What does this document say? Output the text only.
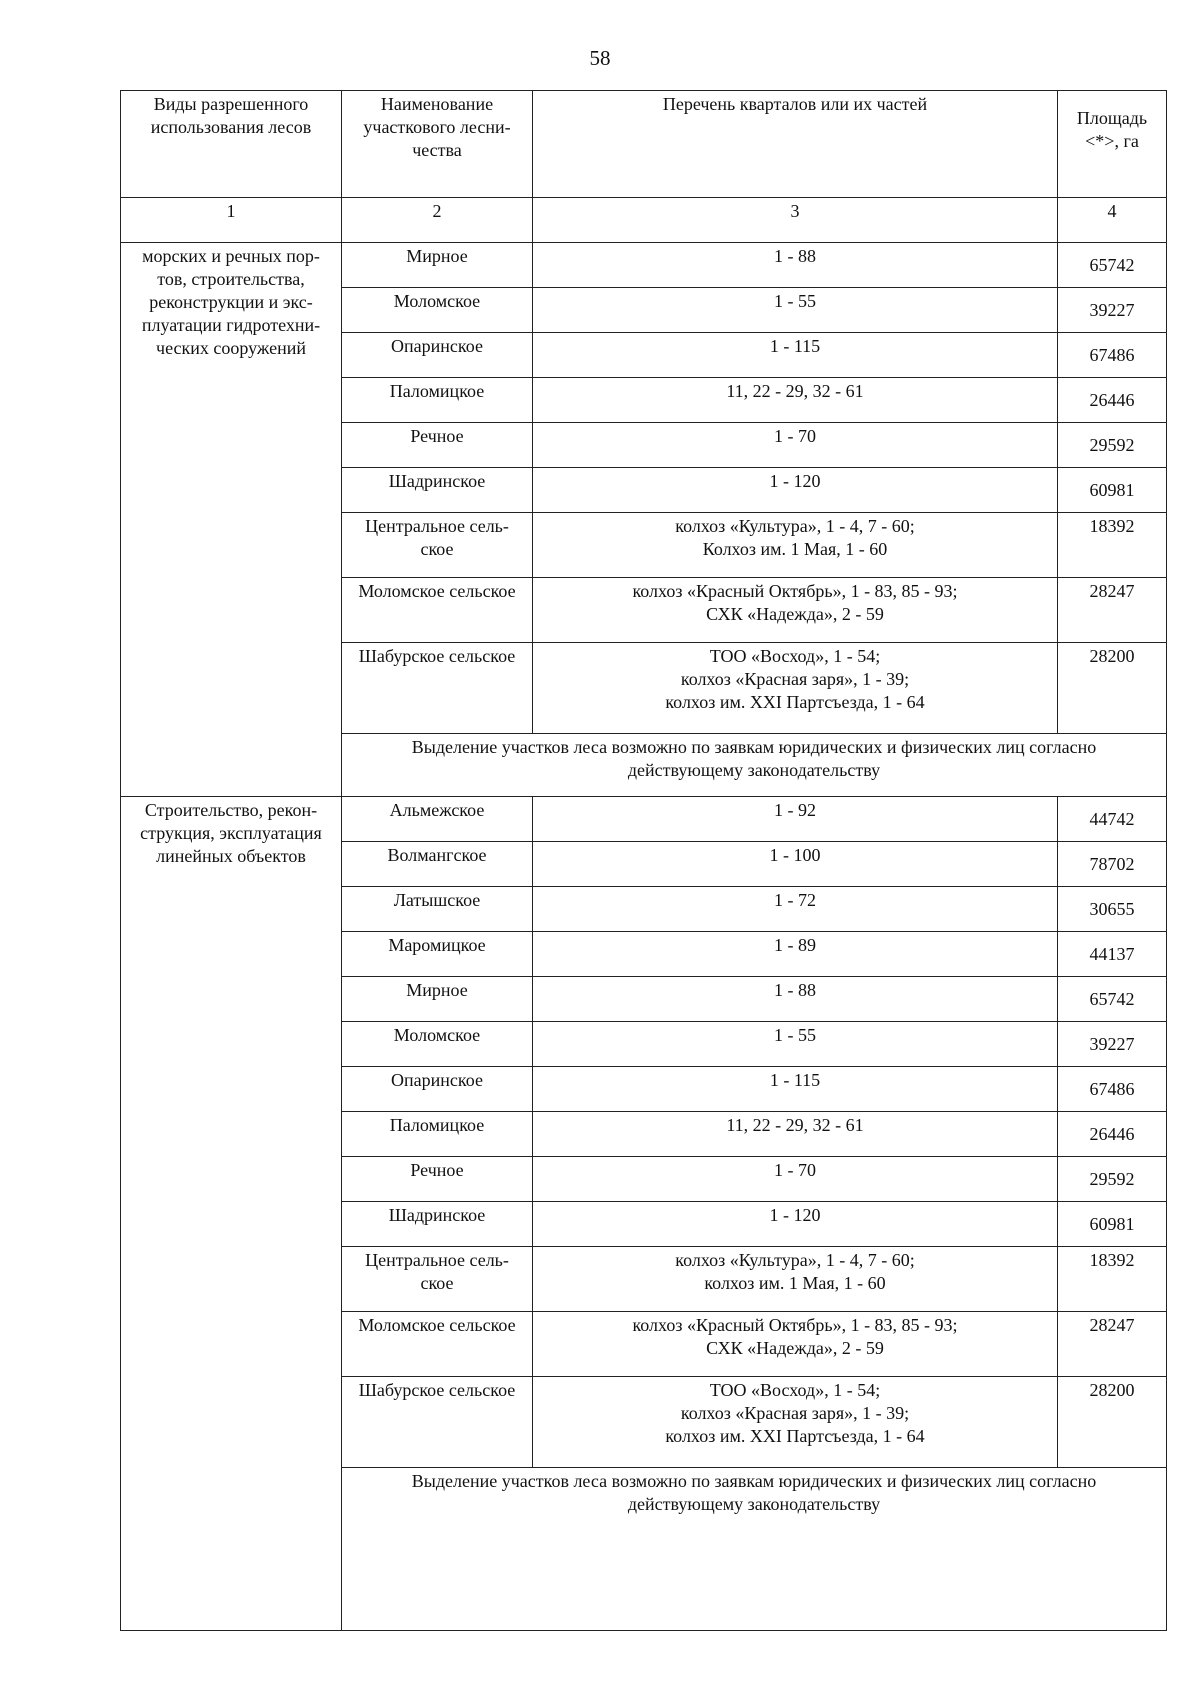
58
Виды разрешенного
использования лесов	Наименование
участкового лесни-
чества	Перечень кварталов или их частей	Площадь
<*>, га
1	2	3	4
морских и речных пор-
тов, строительства,
реконструкции и экс-
плуатации гидротехни-
ческих сооружений	Мирное	1 - 88	65742
	Моломское	1 - 55	39227
	Опаринское	1 - 115	67486
	Паломицкое	11, 22 - 29, 32 - 61	26446
	Речное	1 - 70	29592
	Шадринское	1 - 120	60981
	Центральное сель-
ское	колхоз «Культура», 1 - 4, 7 - 60;
Колхоз им. 1 Мая, 1 - 60	18392
	Моломское сельское	колхоз «Красный Октябрь», 1 - 83, 85 - 93;
СХК «Надежда», 2 - 59	28247
	Шабурское сельское	ТОО «Восход», 1 - 54;
колхоз «Красная заря», 1 - 39;
колхоз им. XXI Партсъезда, 1 - 64	28200
	Выделение участков леса возможно по заявкам юридических и физических лиц согласно
действующему законодательству		
Строительство, рекон-
струкция, эксплуатация
линейных объектов	Альмежское	1 - 92	44742
	Волмангское	1 - 100	78702
	Латышское	1 - 72	30655
	Маромицкое	1 - 89	44137
	Мирное	1 - 88	65742
	Моломское	1 - 55	39227
	Опаринское	1 - 115	67486
	Паломицкое	11, 22 - 29, 32 - 61	26446
	Речное	1 - 70	29592
	Шадринское	1 - 120	60981
	Центральное сель-
ское	колхоз «Культура», 1 - 4, 7 - 60;
колхоз им. 1 Мая, 1 - 60	18392
	Моломское сельское	колхоз «Красный Октябрь», 1 - 83, 85 - 93;
СХК «Надежда», 2 - 59	28247
	Шабурское сельское	ТОО «Восход», 1 - 54;
колхоз «Красная заря», 1 - 39;
колхоз им. XXI Партсъезда, 1 - 64	28200
	Выделение участков леса возможно по заявкам юридических и физических лиц согласно
действующему законодательству		
